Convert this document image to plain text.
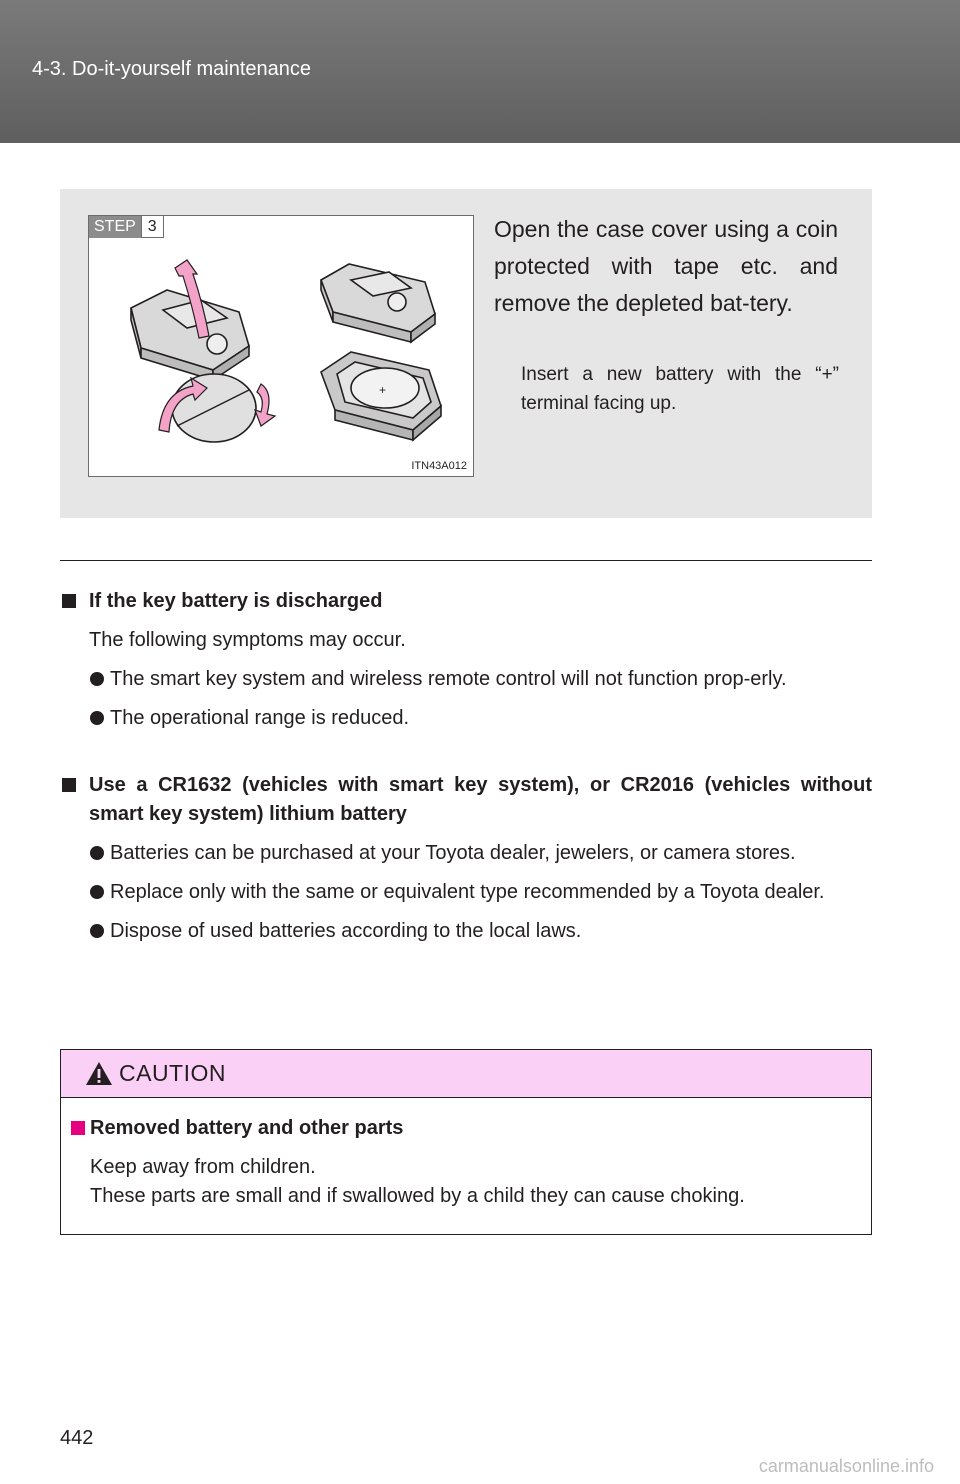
4-3. Do-it-yourself maintenance
+
STEP 3
ITN43A012
Open the case cover using a coin protected with tape etc. and remove the depleted bat-tery.
Insert a new battery with the “+” terminal facing up.
If the key battery is discharged
The following symptoms may occur.
The smart key system and wireless remote control will not function prop-erly.
The operational range is reduced.
Use a CR1632 (vehicles with smart key system), or CR2016 (vehicles without smart key system) lithium battery
Batteries can be purchased at your Toyota dealer, jewelers, or camera stores.
Replace only with the same or equivalent type recommended by a Toyota dealer.
Dispose of used batteries according to the local laws.
CAUTION
Removed battery and other parts
Keep away from children.
These parts are small and if swallowed by a child they can cause choking.
442
carmanualsonline.info
